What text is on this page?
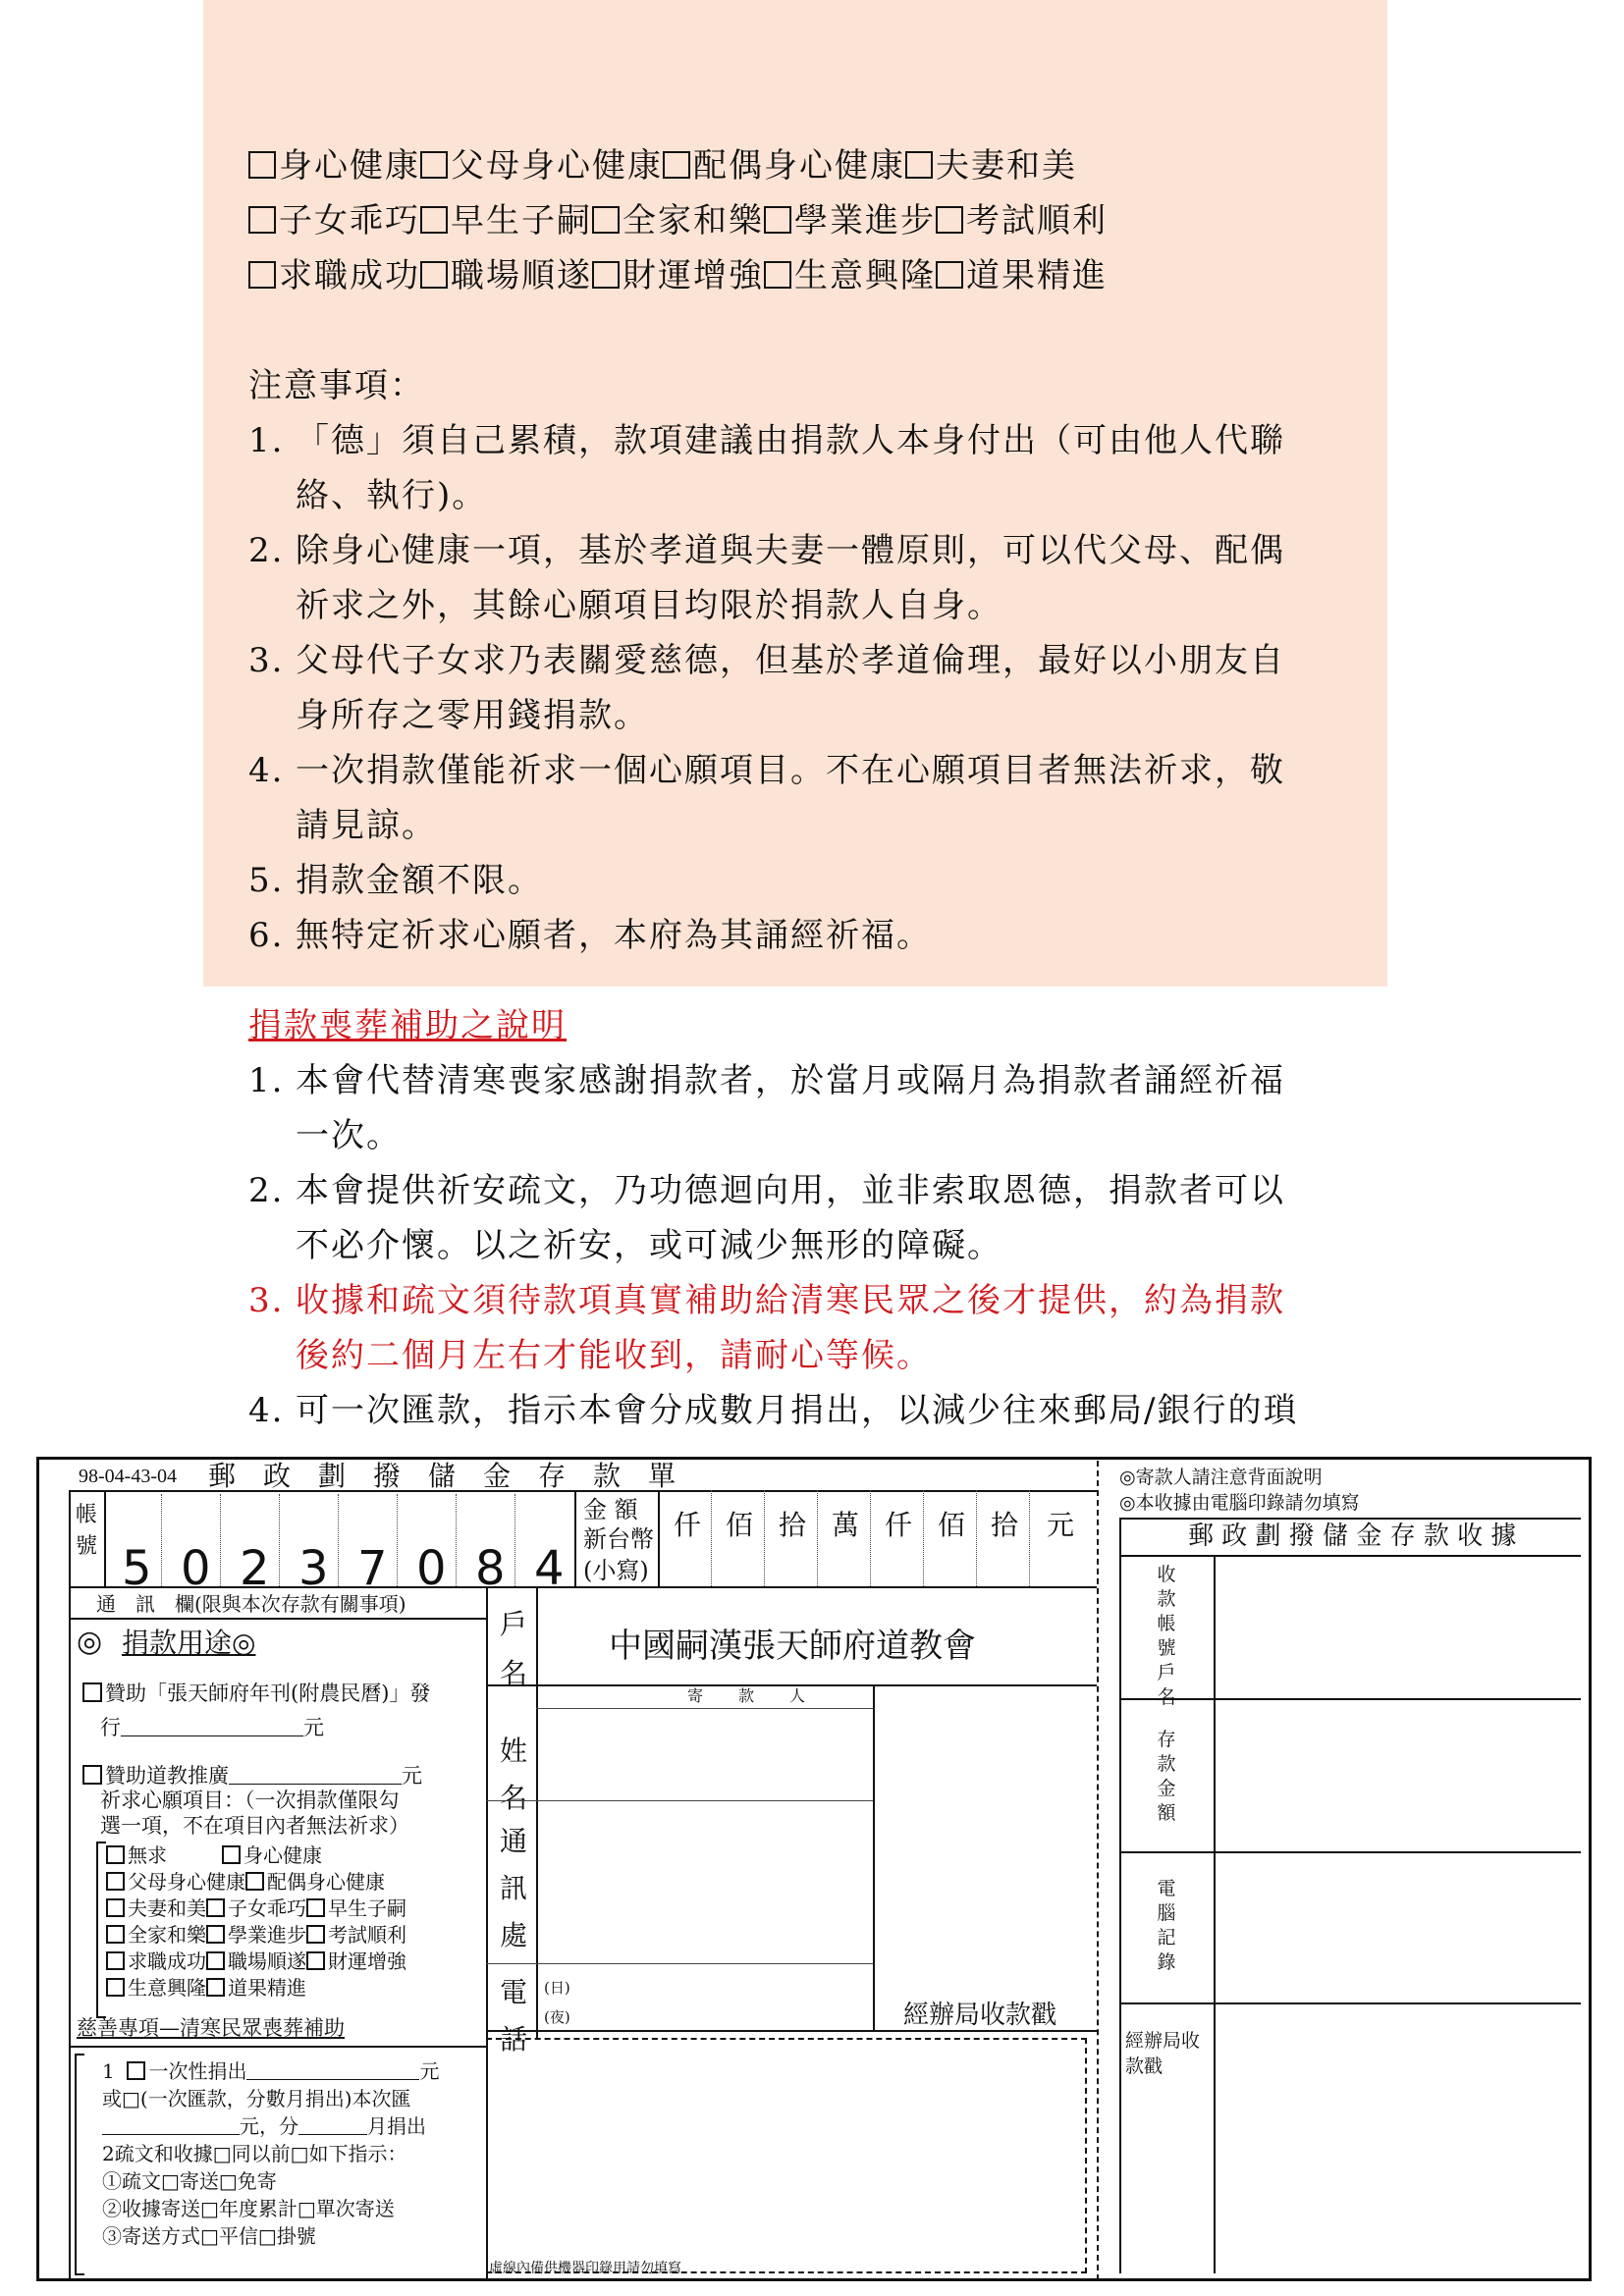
身心健康 父母身心健康 配偶身心健康 夫妻和美
子女乖巧 早生子嗣 全家和樂 學業進步 考試順利
求職成功 職場順遂 財運增強 生意興隆 道果精進
注意事項：
1. 「德」須自己累積，款項建議由捐款人本身付出（可由他人代聯
絡、執行)。
2. 除身心健康一項，基於孝道與夫妻一體原則，可以代父母、配偶
祈求之外，其餘心願項目均限於捐款人自身。
3. 父母代子女求乃表關愛慈德，但基於孝道倫理，最好以小朋友自
身所存之零用錢捐款。
4. 一次捐款僅能祈求一個心願項目。不在心願項目者無法祈求，敬
請見諒。
5. 捐款金額不限。
6. 無特定祈求心願者，本府為其誦經祈福。
捐款喪葬補助之說明
1. 本會代替清寒喪家感謝捐款者，於當月或隔月為捐款者誦經祈福
一次。
2. 本會提供祈安疏文，乃功德迴向用，並非索取恩德，捐款者可以
不必介懷。以之祈安，或可減少無形的障礙。
3. 收據和疏文須待款項真實補助給清寒民眾之後才提供，約為捐款
後約二個月左右才能收到，請耐心等候。
4. 可一次匯款，指示本會分成數月捐出，以減少往來郵局/銀行的瑣
98-04-43-04 郵　政　劃　撥　儲　金　存　款　單
帳號 5 0 2 3 7 0 8 4
金 額
新台幣
(小寫)
仟 佰 拾 萬 仟 佰 拾 元
通　訊　欄(限與本次存款有關事項)
◎ 捐款用途◎
贊助「張天師府年刊(附農民曆)」發
行	元
贊助道教推廣	元
祈求心願項目：（一次捐款僅限勾
選一項，不在項目內者無法祈求）
無求	身心健康
父母身心健康 配偶身心健康
夫妻和美 子女乖巧 早生子嗣
全家和樂 學業進步 考試順利
求職成功 職場順遂 財運增強
生意興隆 道果精進
慈善專項—清寒民眾喪葬補助
1 一次性捐出	元
或□(一次匯款，分數月捐出)本次匯
元，分	月捐出
2疏文和收據□同以前□如下指示：
①疏文□寄送□免寄
②收據寄送□年度累計□單次寄送
③寄送方式□平信□掛號
戶名
中國嗣漢張天師府道教會
寄　款　人
姓名
通訊處
電話
(日)
(夜)	經辦局收款戳
虛線內備供機器印錄用請勿填寫
◎寄款人請注意背面說明
◎本收據由電腦印錄請勿填寫
郵 政 劃 撥 儲 金 存 款 收 據
收款帳號戶名
存款金額
電腦記錄
經辦局收款戳
